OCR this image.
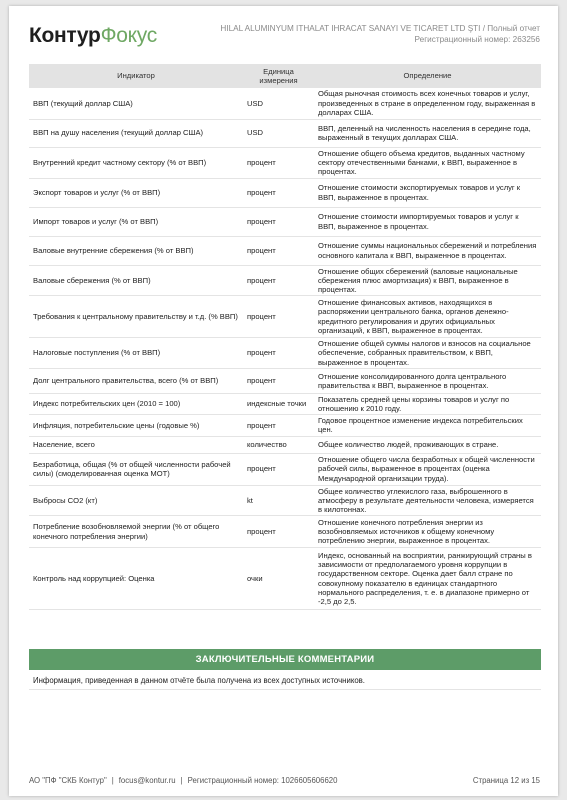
КонтурФокус	HILAL ALUMINYUM ITHALAT IHRACAT SANAYI VE TICARET LTD ŞTI / Полный отчет
Регистрационный номер: 263256
Индикатор	Единица измерения	Определение
ВВП (текущий доллар США)	USD	Общая рыночная стоимость всех конечных товаров и услуг, произведенных в стране в определенном году, выраженная в долларах США.
ВВП на душу населения (текущий доллар США)	USD	ВВП, деленный на численность населения в середине года, выраженный в текущих долларах США.
Внутренний кредит частному сектору (% от ВВП)	процент	Отношение общего объема кредитов, выданных частному сектору отечественными банками, к ВВП, выраженное в процентах.
Экспорт товаров и услуг (% от ВВП)	процент	Отношение стоимости экспортируемых товаров и услуг к ВВП, выраженное в процентах.
Импорт товаров и услуг (% от ВВП)	процент	Отношение стоимости импортируемых товаров и услуг к ВВП, выраженное в процентах.
Валовые внутренние сбережения (% от ВВП)	процент	Отношение суммы национальных сбережений и потребления основного капитала к ВВП, выраженное в процентах.
Валовые сбережения (% от ВВП)	процент	Отношение общих сбережений (валовые национальные сбережения плюс амортизация) к ВВП, выраженное в процентах.
Требования к центральному правительству и т.д. (% ВВП)	процент	Отношение финансовых активов, находящихся в распоряжении центрального банка, органов денежно-кредитного регулирования и других официальных организаций, к ВВП, выраженное в процентах.
Налоговые поступления (% от ВВП)	процент	Отношение общей суммы налогов и взносов на социальное обеспечение, собранных правительством, к ВВП, выраженное в процентах.
Долг центрального правительства, всего (% от ВВП)	процент	Отношение консолидированного долга центрального правительства к ВВП, выраженное в процентах.
Индекс потребительских цен (2010 = 100)	индексные точки	Показатель средней цены корзины товаров и услуг по отношению к 2010 году.
Инфляция, потребительские цены (годовые %)	процент	Годовое процентное изменение индекса потребительских цен.
Население, всего	количество	Общее количество людей, проживающих в стране.
Безработица, общая (% от общей численности рабочей силы) (смоделированная оценка МОТ)	процент	Отношение общего числа безработных к общей численности рабочей силы, выраженное в процентах (оценка Международной организации труда).
Выбросы CO2 (кт)	kt	Общее количество углекислого газа, выброшенного в атмосферу в результате деятельности человека, измеряется в килотоннах.
Потребление возобновляемой энергии (% от общего конечного потребления энергии)	процент	Отношение конечного потребления энергии из возобновляемых источников к общему конечному потреблению энергии, выраженное в процентах.
Контроль над коррупцией: Оценка	очки	Индекс, основанный на восприятии, ранжирующий страны в зависимости от предполагаемого уровня коррупции в государственном секторе. Оценка дает балл стране по совокупному показателю в единицах стандартного нормального распределения, т. е. в диапазоне примерно от -2,5 до 2,5.
ЗАКЛЮЧИТЕЛЬНЫЕ КОММЕНТАРИИ
Информация, приведенная в данном отчёте была получена из всех доступных источников.
АО "ПФ "СКБ Контур" | focus@kontur.ru | Регистрационный номер: 1026605606620	Страница 12 из 15
